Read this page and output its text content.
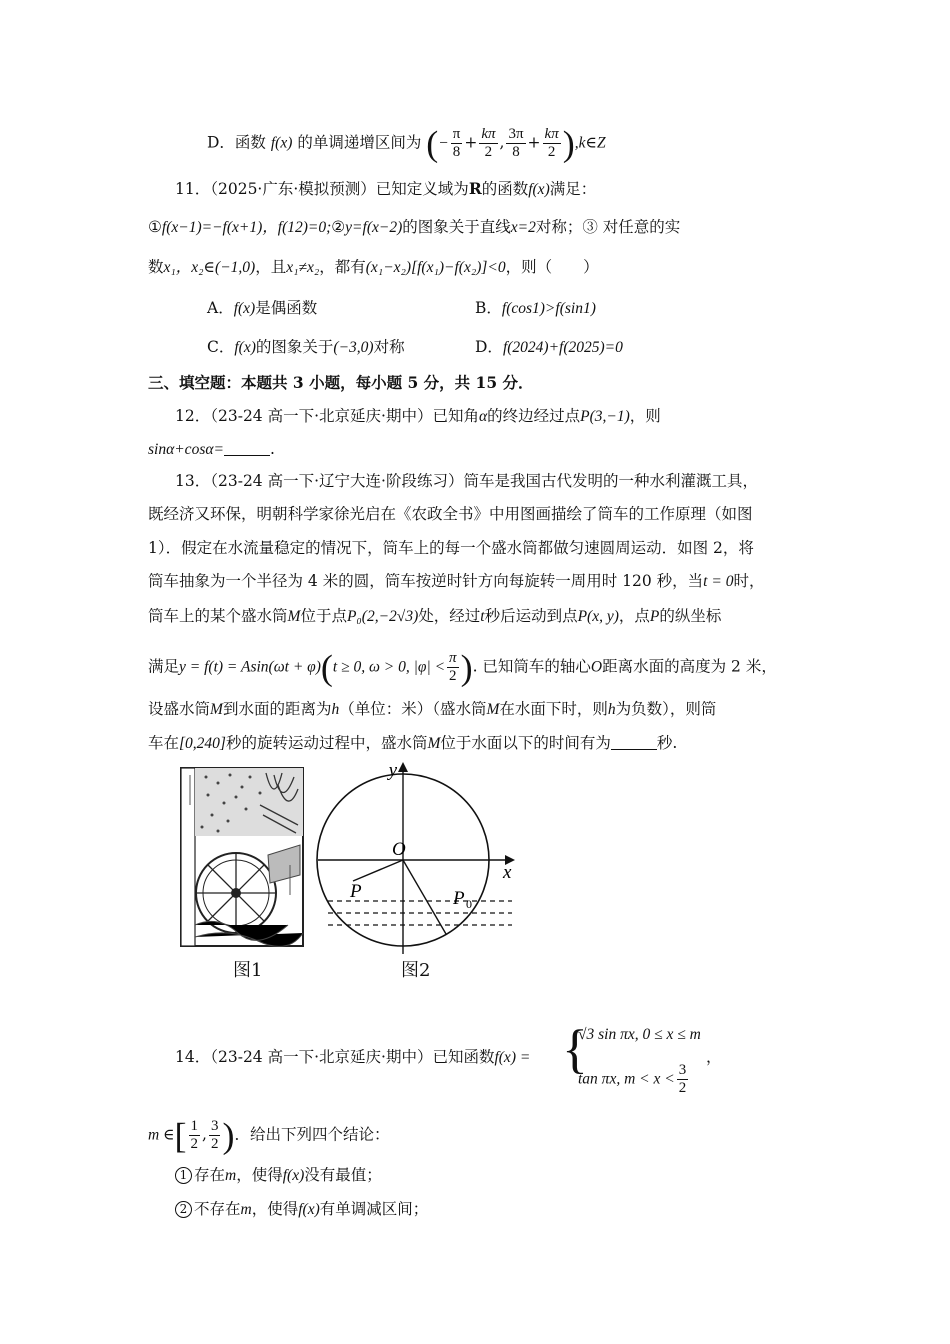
D．函数 f(x) 的单调递增区间为 (− $\frac{\pi}{8} + \frac{k\pi}{2}$ , $\frac{3\pi}{8} + \frac{k\pi}{2}$ ),k∈Z
11．（2025·广东·模拟预测）已知定义域为R的函数f(x)满足：
①f(x−1)=−f(x+1)，f(12)=0;②y=f(x−2)的图象关于直线x=2对称；③ 对任意的实
数x₁，x₂∈(−1,0)，且x₁≠x₂，都有(x₁−x₂)[f(x₁)−f(x₂)]<0，则（　　）
A．f(x)是偶函数	B．f(cos1)>f(sin1)
C．f(x)的图象关于(−3,0)对称	D．f(2024)+f(2025)=0
三、填空题：本题共 3 小题，每小题 5 分，共 15 分．
12．（23-24 高一下·北京延庆·期中）已知角α的终边经过点P(3,−1)，则
sinα+cosα=	.
13．（23-24 高一下·辽宁大连·阶段练习）筒车是我国古代发明的一种水利灌溉工具，
既经济又环保，明朝科学家徐光启在《农政全书》中用图画描绘了筒车的工作原理（如图
1）．假定在水流量稳定的情况下，筒车上的每一个盛水筒都做匀速圆周运动．如图 2，将
筒车抽象为一个半径为 4 米的圆，筒车按逆时针方向每旋转一周用时 120 秒，当t = 0时，
筒车上的某个盛水筒M位于点P₀(2,−2√3)处，经过t秒后运动到点P(x, y)，点P的纵坐标
满足y = f(t) = Asin(ωt + φ)(t ≥ 0, ω > 0, $|\varphi| < \frac{\pi}{2}$ ). 已知筒车的轴心O距离水面的高度为 2 米，
设盛水筒M到水面的距离为h（单位：米）（盛水筒M在水面下时，则h为负数），则筒
车在[0,240]秒的旋转运动过程中，盛水筒M位于水面以下的时间有为	秒.
图1
y
x
O
P	P 0
图2
14．（23-24 高一下·北京延庆·期中）已知函数f(x) = {
√3 sin πx, 0 ≤ x ≤ m
tan πx, $m < x < \frac{3}{2}$
，
m ∈[ $\frac{1}{2}$ , $\frac{3}{2}$ )．给出下列四个结论：
1 存在m，使得f(x)没有最值；
2 不存在m，使得f(x)有单调减区间；
